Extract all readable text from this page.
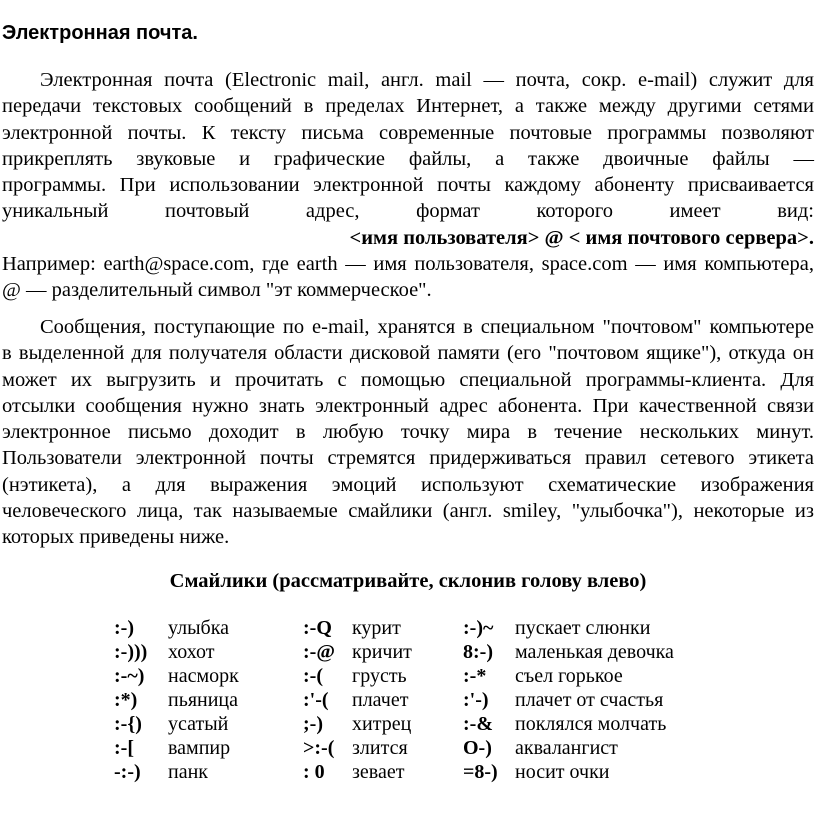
Электронная почта.
Электронная почта (Electronic mail, англ. mail — почта, сокр. e-mail) служит для
передачи текстовых сообщений в пределах Интернет, а также между другими сетями
электронной почты. К тексту письма современные почтовые программы позволяют
прикреплять звуковые и графические файлы, а также двоичные файлы —
программы. При использовании электронной почты каждому абоненту присваивается
уникальный почтовый адрес, формат которого имеет вид:
<имя пользователя> @ < имя почтового сервера>.
Например: earth@space.com, где earth — имя пользователя, space.com — имя компьютера,
@ — разделительный символ "эт коммерческое".
Сообщения, поступающие по e-mail, хранятся в специальном "почтовом" компьютере
в выделенной для получателя области дисковой памяти (его "почтовом ящике"), откуда он
может их выгрузить и прочитать с помощью специальной программы-клиента. Для
отсылки сообщения нужно знать электронный адрес абонента. При качественной связи
электронное письмо доходит в любую точку мира в течение нескольких минут.
Пользователи электронной почты стремятся придерживаться правил сетевого этикета
(нэтикета), а для выражения эмоций используют схематические изображения
человеческого лица, так называемые смайлики (англ. smiley, "улыбочка"), некоторые из
которых приведены ниже.
Смайлики (рассматривайте, склонив голову влево)
:-) улыбка	:-Q курит	:-)~ пускает слюнки
:-))) хохот	:-@ кричит	8:-) маленькая девочка
:-~) насморк	:-( грусть	:-* съел горькое
:*) пьяница	:'-( плачет	:'-) плачет от счастья
:-{) усатый	;-) хитрец	:-& поклялся молчать
:-[ вампир	>:-( злится	O-) аквалангист
-:-) панк	: 0 зевает	=8-) носит очки
